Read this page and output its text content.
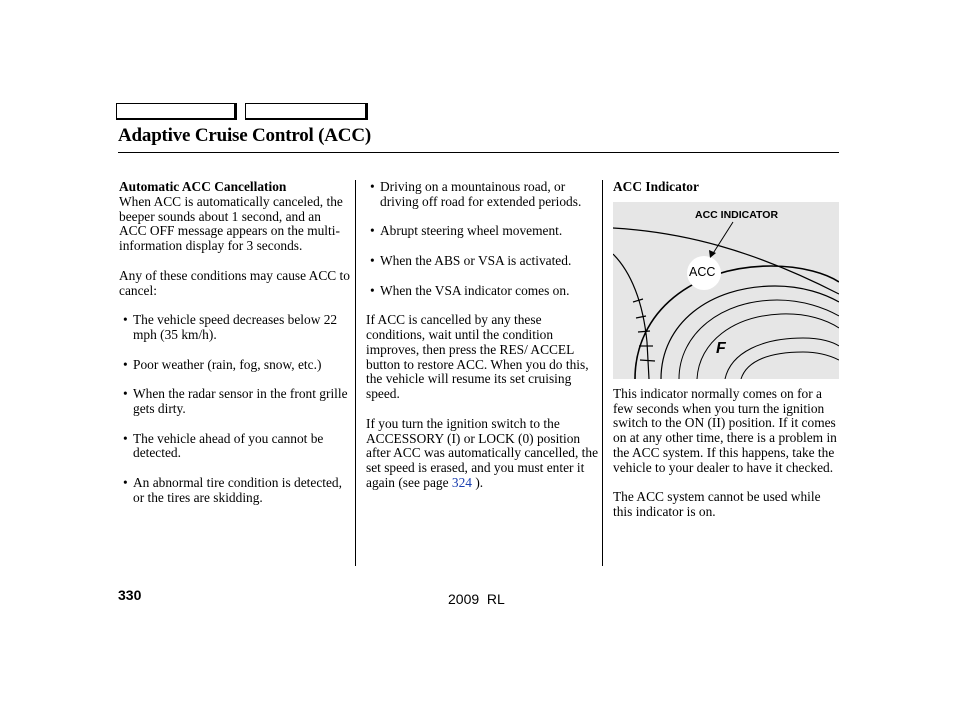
Adaptive Cruise Control (ACC)

Automatic ACC Cancellation
When ACC is automatically canceled, the beeper sounds about 1 second, and an ACC OFF message appears on the multi-information display for 3 seconds.

Any of these conditions may cause ACC to cancel:

• The vehicle speed decreases below 22 mph (35 km/h).
• Poor weather (rain, fog, snow, etc.)
• When the radar sensor in the front grille gets dirty.
• The vehicle ahead of you cannot be detected.
• An abnormal tire condition is detected, or the tires are skidding.
• Driving on a mountainous road, or driving off road for extended periods.
• Abrupt steering wheel movement.
• When the ABS or VSA is activated.
• When the VSA indicator comes on.

If ACC is cancelled by any these conditions, wait until the condition improves, then press the RES/ ACCEL button to restore ACC. When you do this, the vehicle will resume its set cruising speed.

If you turn the ignition switch to the ACCESSORY (I) or LOCK (0) position after ACC was automatically cancelled, the set speed is erased, and you must enter it again (see page 324 ).

ACC Indicator
ACC INDICATOR
ACC
F

This indicator normally comes on for a few seconds when you turn the ignition switch to the ON (II) position. If it comes on at any other time, there is a problem in the ACC system. If this happens, take the vehicle to your dealer to have it checked.

The ACC system cannot be used while this indicator is on.

330	2009  RL
